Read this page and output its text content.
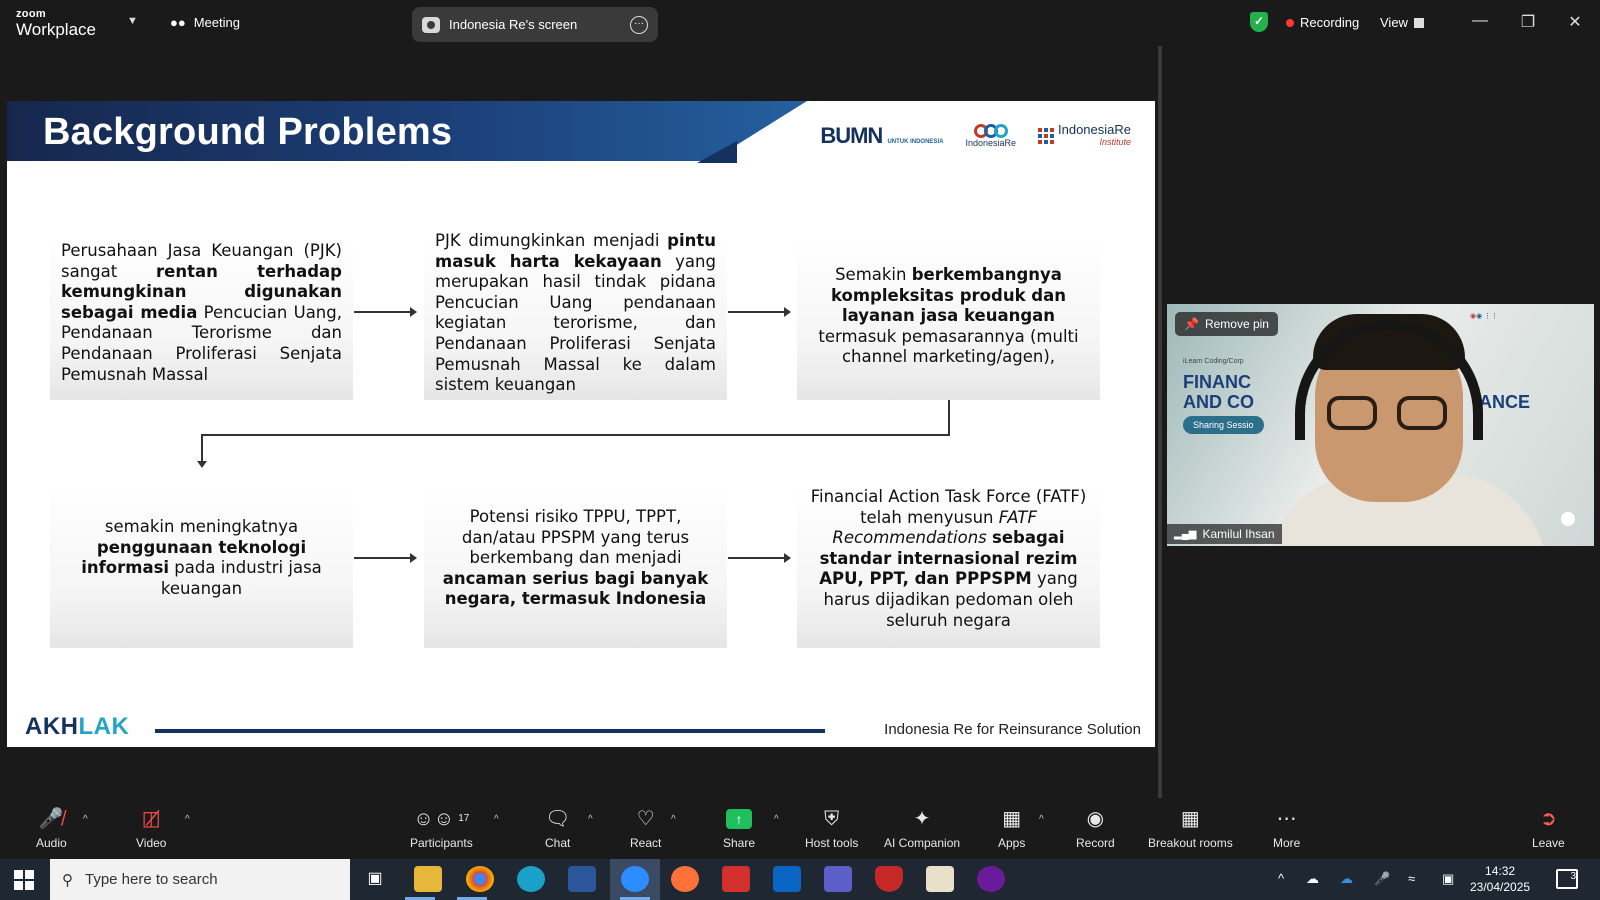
zoom
Workplace	▼ ●● Meeting	Indonesia Re's screen	···	✓	Recording View	—	❐	✕
Background Problems	BUMN UNTUK INDONESIA IndonesiaRe
IndonesiaRe
Institute
Perusahaan Jasa Keuangan (PJK) sangat rentan terhadap kemungkinan digunakan sebagai media Pencucian Uang, Pendanaan Terorisme dan Pendanaan Proliferasi Senjata Pemusnah Massal
PJK dimungkinkan menjadi pintu masuk harta kekayaan yang merupakan hasil tindak pidana Pencucian Uang pendanaan kegiatan terorisme, dan Pendanaan Proliferasi Senjata Pemusnah Massal ke dalam sistem keuangan
Semakin berkembangnya kompleksitas produk dan layanan jasa keuangan termasuk pemasarannya (multi channel marketing/agen),
semakin meningkatnya penggunaan teknologi informasi pada industri jasa keuangan
Potensi risiko TPPU, TPPT, dan/atau PPSPM yang terus berkembang dan menjadi ancaman serius bagi banyak negara, termasuk Indonesia
Financial Action Task Force (FATF) telah menyusun FATF Recommendations sebagai standar internasional rezim APU, PPT, dan PPPSPM yang harus dijadikan pedoman oleh seluruh negara
AKHLAK	Indonesia Re for Reinsurance Solution
iLearn Coding/Corp
FINANC
AND CO	ANCE
Sharing Sessio
◉◉ ⋮⋮
📌 Remove pin
▂▄▆ Kamilul Ihsan
🎤̸
Audio
^	◫̸
Video
^	☺☺ 17
Participants
^ 🗨
Chat
^ ♡
React
^	↑
Share
^ ⛨
Host tools
✦
AI Companion
▦
Apps
^ ◉
Record
▦
Breakout rooms
⋯
More
➲
Leave
⚲ Type here to search	▣	^ ☁ ☁ 🎤 ≈ ▣	14:32
23/04/2025
3
